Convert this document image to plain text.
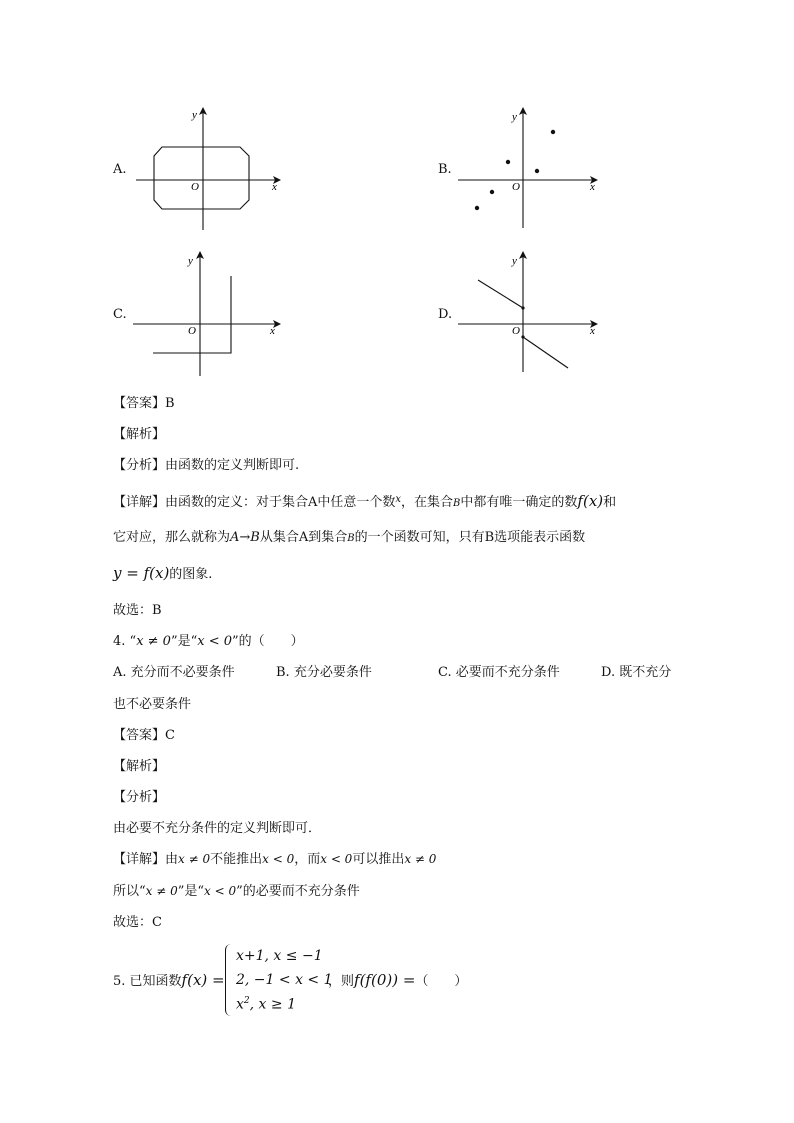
A.
y
x
O
B.
y
x
O
C.
y
x
O
D.
y
x
O
【答案】B
【解析】
【分析】由函数的定义判断即可.
【详解】由函数的定义：对于集合A中任意一个数$^x$，在集合B中都有唯一确定的数f(x)和
它对应，那么就称为A→B从集合A到集合B的一个函数可知，只有B选项能表示函数
y = f(x)的图象.
故选：B
4. “x ≠ 0”是“x < 0”的（　　）
A. 充分而不必要条件	B. 充分必要条件	C. 必要而不充分条件	D. 既不充分
也不必要条件
【答案】C
【解析】
【分析】
由必要不充分条件的定义判断即可．
【详解】由x ≠ 0不能推出x < 0，而x < 0可以推出x ≠ 0
所以“x ≠ 0”是“x < 0”的必要而不充分条件
故选：C
5. 已知函数f(x) =
x+1, x ≤ −1
2, −1 < x < 1
$x^2$, x ≥ 1
，则f(f(0)) =（　　）
